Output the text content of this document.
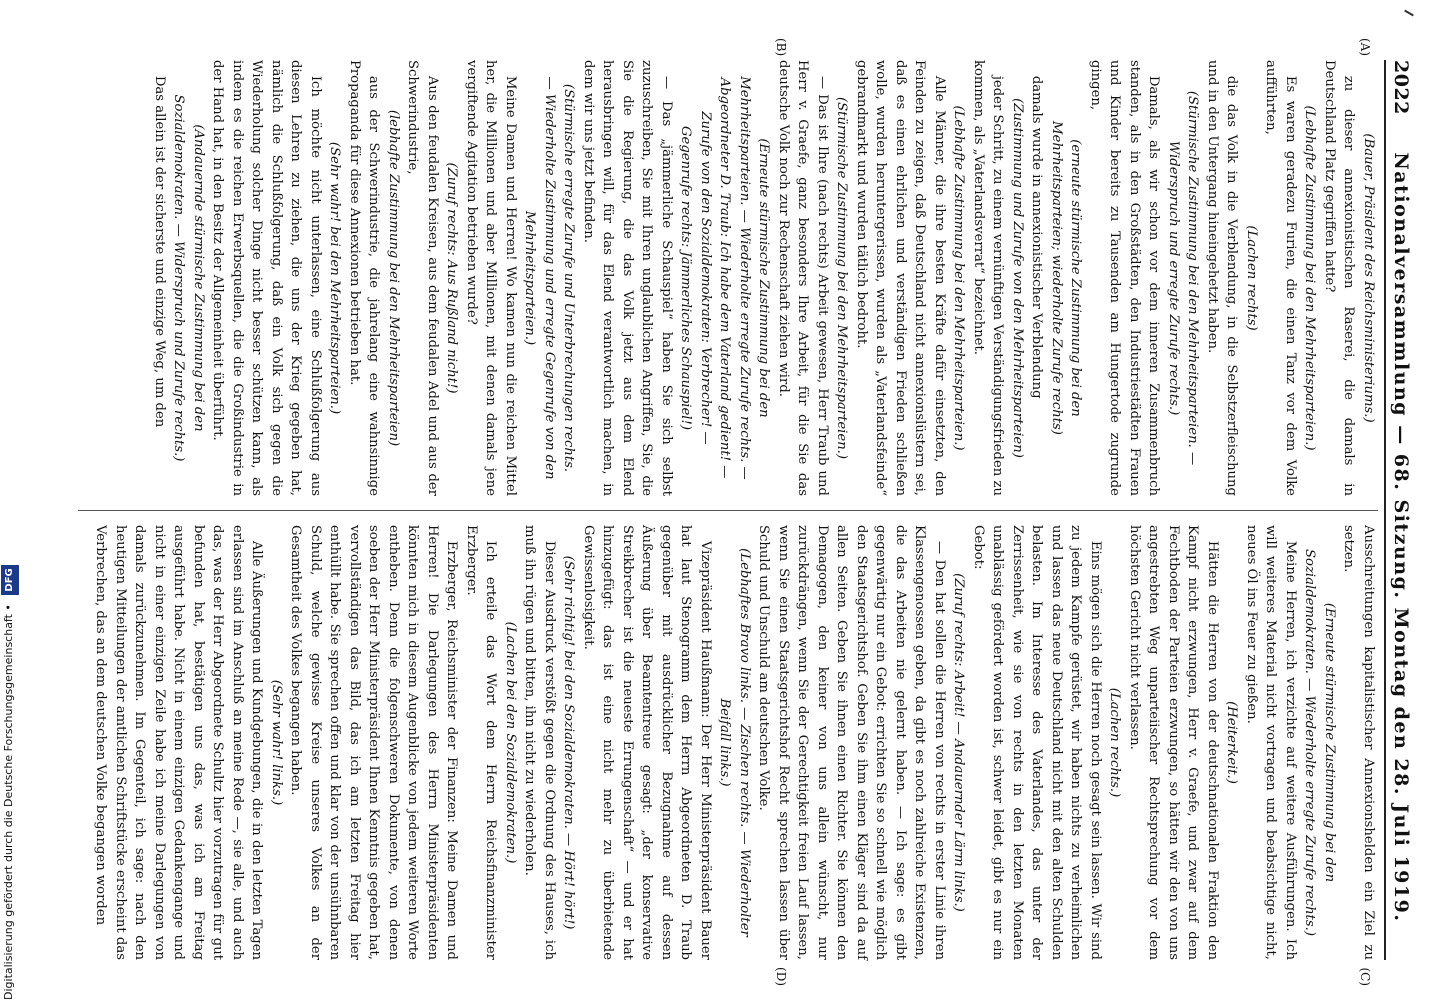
2022
Nationalversammlung — 68. Sitzung. Montag den 28. Juli 1919.
(A)
(B)
(C)
(D)

(Bauer, Präsident des Reichsministeriums.)

zu dieser annexionistischen Raserei, die damals in Deutschland Platz gegriffen hatte?

(Lebhafte Zustimmung bei den Mehrheitsparteien.)

Es waren geradezu Furien, die einen Tanz vor dem Volke aufführten,

(Lachen rechts)

die das Volk in die Verblendung, in die Selbstzerfleischung und in den Untergang hineingehetzt haben.

(Stürmische Zustimmung bei den Mehrheitsparteien. — Widerspruch und erregte Zurufe rechts.)

Damals, als wir schon vor dem inneren Zusammenbruch standen, als in den Großstädten, den Industriestädten Frauen und Kinder bereits zu Tausenden am Hungertode zugrunde gingen,

(erneute stürmische Zustimmung bei den Mehrheitsparteien; wiederholte Zurufe rechts)

damals wurde in annexionistischer Verblendung

(Zustimmung und Zurufe von den Mehrheitsparteien)

jeder Schritt, zu einem vernünftigen Verständigungsfrieden zu kommen, als „Vaterlandsverrat“ bezeichnet.

(Lebhafte Zustimmung bei den Mehrheitsparteien.)

Alle Männer, die ihre besten Kräfte dafür einsetzten, den Feinden zu zeigen, daß Deutschland nicht annexionslüstern sei, daß es einen ehrlichen und verständigen Frieden schließen wolle, wurden heruntergerissen, wurden als „Vaterlandsfeinde“ gebrandmarkt und wurden tätlich bedroht.

(Stürmische Zustimmung bei den Mehrheitsparteien.)

— Das ist Ihre (nach rechts) Arbeit gewesen, Herr Traub und Herr v. Graefe, ganz besonders Ihre Arbeit, für die Sie das deutsche Volk noch zur Rechenschaft ziehen wird.

(Erneute stürmische Zustimmung bei den Mehrheitsparteien. — Wiederholte erregte Zurufe rechts. — Abgeordneter D. Traub: Ich habe dem Vaterland gedient! — Zurufe von den Sozialdemokraten: Verbrecher! — Gegenrufe rechts: Jämmerliches Schauspiel!)

— Das „jämmerliche Schauspiel“ haben Sie sich selbst zuzuschreiben, Sie mit Ihren unglaublichen Angriffen, Sie, die Sie die Regierung, die das Volk jetzt aus dem Elend herausbringen will, für das Elend verantwortlich machen, in dem wir uns jetzt befinden.

(Stürmische erregte Zurufe und Unterbrechungen rechts. — Wiederholte Zustimmung und erregte Gegenrufe von den Mehrheitsparteien.)

Meine Damen und Herren! Wo kamen nun die reichen Mittel her, die Millionen und aber Millionen, mit denen damals jene vergiftende Agitation betrieben wurde?

(Zuruf rechts: Aus Rußland nicht!)

Aus den feudalen Kreisen, aus dem feudalen Adel und aus der Schwerindustrie,

(lebhafte Zustimmung bei den Mehrheitsparteien)

aus der Schwerindustrie, die jahrelang eine wahnsinnige Propaganda für diese Annexionen betrieben hat.

(Sehr wahr! bei den Mehrheitsparteien.)

Ich möchte nicht unterlassen, eine Schlußfolgerung aus diesen Lehren zu ziehen, die uns der Krieg gegeben hat, nämlich die Schlußfolgerung, daß ein Volk sich gegen die Wiederholung solcher Dinge nicht besser schützen kann, als indem es die reichen Erwerbsquellen, die die Großindustrie in der Hand hat, in den Besitz der Allgemeinheit überführt.

(Andauernde stürmische Zustimmung bei den Sozialdemokraten. — Widerspruch und Zurufe rechts.)

Das allein ist der sicherste und einzige Weg, um den

Ausschreitungen kapitalistischer Annexionshelden ein Ziel zu setzen.

(Erneute stürmische Zustimmung bei den Sozialdemokraten. — Wiederholte erregte Zurufe rechts.)

Meine Herren, ich verzichte auf weitere Ausführungen. Ich will weiteres Material nicht vortragen und beabsichtige nicht, neues Öl ins Feuer zu gießen.

(Heiterkeit.)

Hätten die Herren von der deutschnationalen Fraktion den Kampf nicht erzwungen, Herr v. Graefe, und zwar auf dem Fechtboden der Parteien erzwungen, so hätten wir den von uns angestrebten Weg unparteiischer Rechtsprechung vor dem höchsten Gericht nicht verlassen.

(Lachen rechts.)

Eins mögen sich die Herren noch gesagt sein lassen. Wir sind zu jedem Kampfe gerüstet, wir haben nichts zu verheimlichen und lassen das neue Deutschland nicht mit den alten Schulden belasten. Im Interesse des Vaterlandes, das unter der Zerrissenheit, wie sie von rechts in den letzten Monaten unablässig gefördert worden ist, schwer leidet, gibt es nur ein Gebot:

(Zuruf rechts: Arbeit! — Andauernder Lärm links.)

— Den hat sollen die Herren von rechts in erster Linie ihren Klassengenossen geben, da gibt es noch zahlreiche Existenzen, die das Arbeiten nie gelernt haben. — Ich sage: es gibt gegenwärtig nur ein Gebot: errichten Sie so schnell wie möglich den Staatsgerichtshof. Geben Sie ihm einen Kläger sind da auf allen Seiten. Geben Sie ihnen einen Richter. Sie können den Demagogen, den keiner von uns allein wünscht, nur zurückdrängen, wenn Sie der Gerechtigkeit freien Lauf lassen, wenn Sie einen Staatsgerichtshof Recht sprechen lassen über Schuld und Unschuld am deutschen Volke.

(Lebhaftes Bravo links. — Zischen rechts. — Wiederholter Beifall links.)

Vizepräsident Haußmann: Der Herr Ministerpräsident Bauer hat laut Stenogramm dem Herrn Abgeordneten D. Traub gegenüber mit ausdrücklicher Bezugnahme auf dessen Äußerung über Beamtentreue gesagt: „der konservative Streikbrecher ist die neueste Errungenschaft“ — und er hat hinzugefügt: das ist eine nicht mehr zu überbietende Gewissenlosigkeit.

(Sehr richtig! bei den Sozialdemokraten. — Hört! hört!)

Dieser Ausdruck verstößt gegen die Ordnung des Hauses, ich muß ihn rügen und bitten, ihn nicht zu wiederholen.

(Lachen bei den Sozialdemokraten.)

Ich erteile das Wort dem Herrn Reichsfinanzminister Erzberger.

Erzberger, Reichsminister der Finanzen: Meine Damen und Herren! Die Darlegungen des Herrn Ministerpräsidenten könnten mich in diesem Augenblicke von jedem weiteren Worte entheben. Denn die folgenschweren Dokumente, von denen soeben der Herr Ministerpräsident Ihnen Kenntnis gegeben hat, vervollständigen das Bild, das ich am letzten Freitag hier enthüllt habe. Sie sprechen offen und klar von der unsühnbaren Schuld, welche gewisse Kreise unseres Volkes an der Gesamtheit des Volkes begangen haben.

(Sehr wahr! links.)

Alle Äußerungen und Kundgebungen, die in den letzten Tagen erlassen sind im Anschluß an meine Rede —, sie alle, und auch das, was der Herr Abgeordnete Schultz hier vorzutragen für gut befunden hat, bestätigen uns das, was ich am Freitag ausgeführt habe. Nicht in einem einzigen Gedankengange und nicht in einer einzigen Zeile habe ich meine Darlegungen von damals zurückzunehmen. Im Gegenteil, ich sage: nach den heutigen Mitteilungen der amtlichen Schriftstücke erscheint das Verbrechen, das an dem deutschen Volke begangen worden

Digitalisierung gefördert durch die Deutsche Forschungsgemeinschaft • DFG
